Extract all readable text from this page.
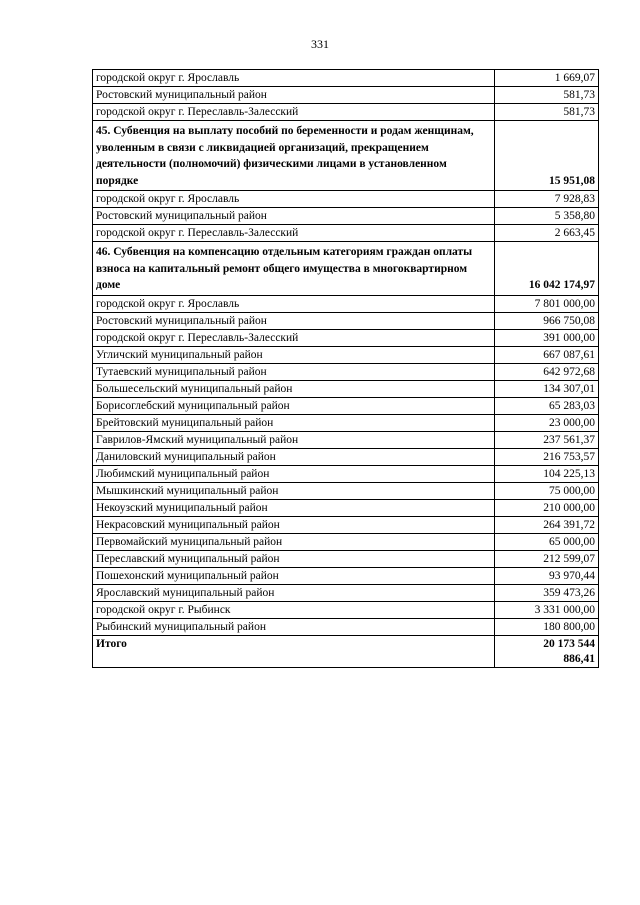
331
городской округ г. Ярославль	1 669,07
Ростовский муниципальный район	581,73
городской округ г. Переславль-Залесский	581,73
45. Субвенция на выплату пособий по беременности и родам женщинам, уволенным в связи с ликвидацией организаций, прекращением деятельности (полномочий) физическими лицами в установленном порядке	15 951,08
городской округ г. Ярославль	7 928,83
Ростовский муниципальный район	5 358,80
городской округ г. Переславль-Залесский	2 663,45
46. Субвенция на компенсацию отдельным категориям граждан оплаты взноса на капитальный ремонт общего имущества в многоквартирном доме	16 042 174,97
городской округ г. Ярославль	7 801 000,00
Ростовский муниципальный район	966 750,08
городской округ г. Переславль-Залесский	391 000,00
Угличский муниципальный район	667 087,61
Тутаевский муниципальный район	642 972,68
Большесельский муниципальный район	134 307,01
Борисоглебский муниципальный район	65 283,03
Брейтовский муниципальный район	23 000,00
Гаврилов-Ямский муниципальный район	237 561,37
Даниловский муниципальный район	216 753,57
Любимский муниципальный район	104 225,13
Мышкинский муниципальный район	75 000,00
Некоузский муниципальный район	210 000,00
Некрасовский муниципальный район	264 391,72
Первомайский муниципальный район	65 000,00
Переславский муниципальный район	212 599,07
Пошехонский муниципальный район	93 970,44
Ярославский муниципальный район	359 473,26
городской округ г. Рыбинск	3 331 000,00
Рыбинский муниципальный район	180 800,00
Итого	20 173 544
886,41
